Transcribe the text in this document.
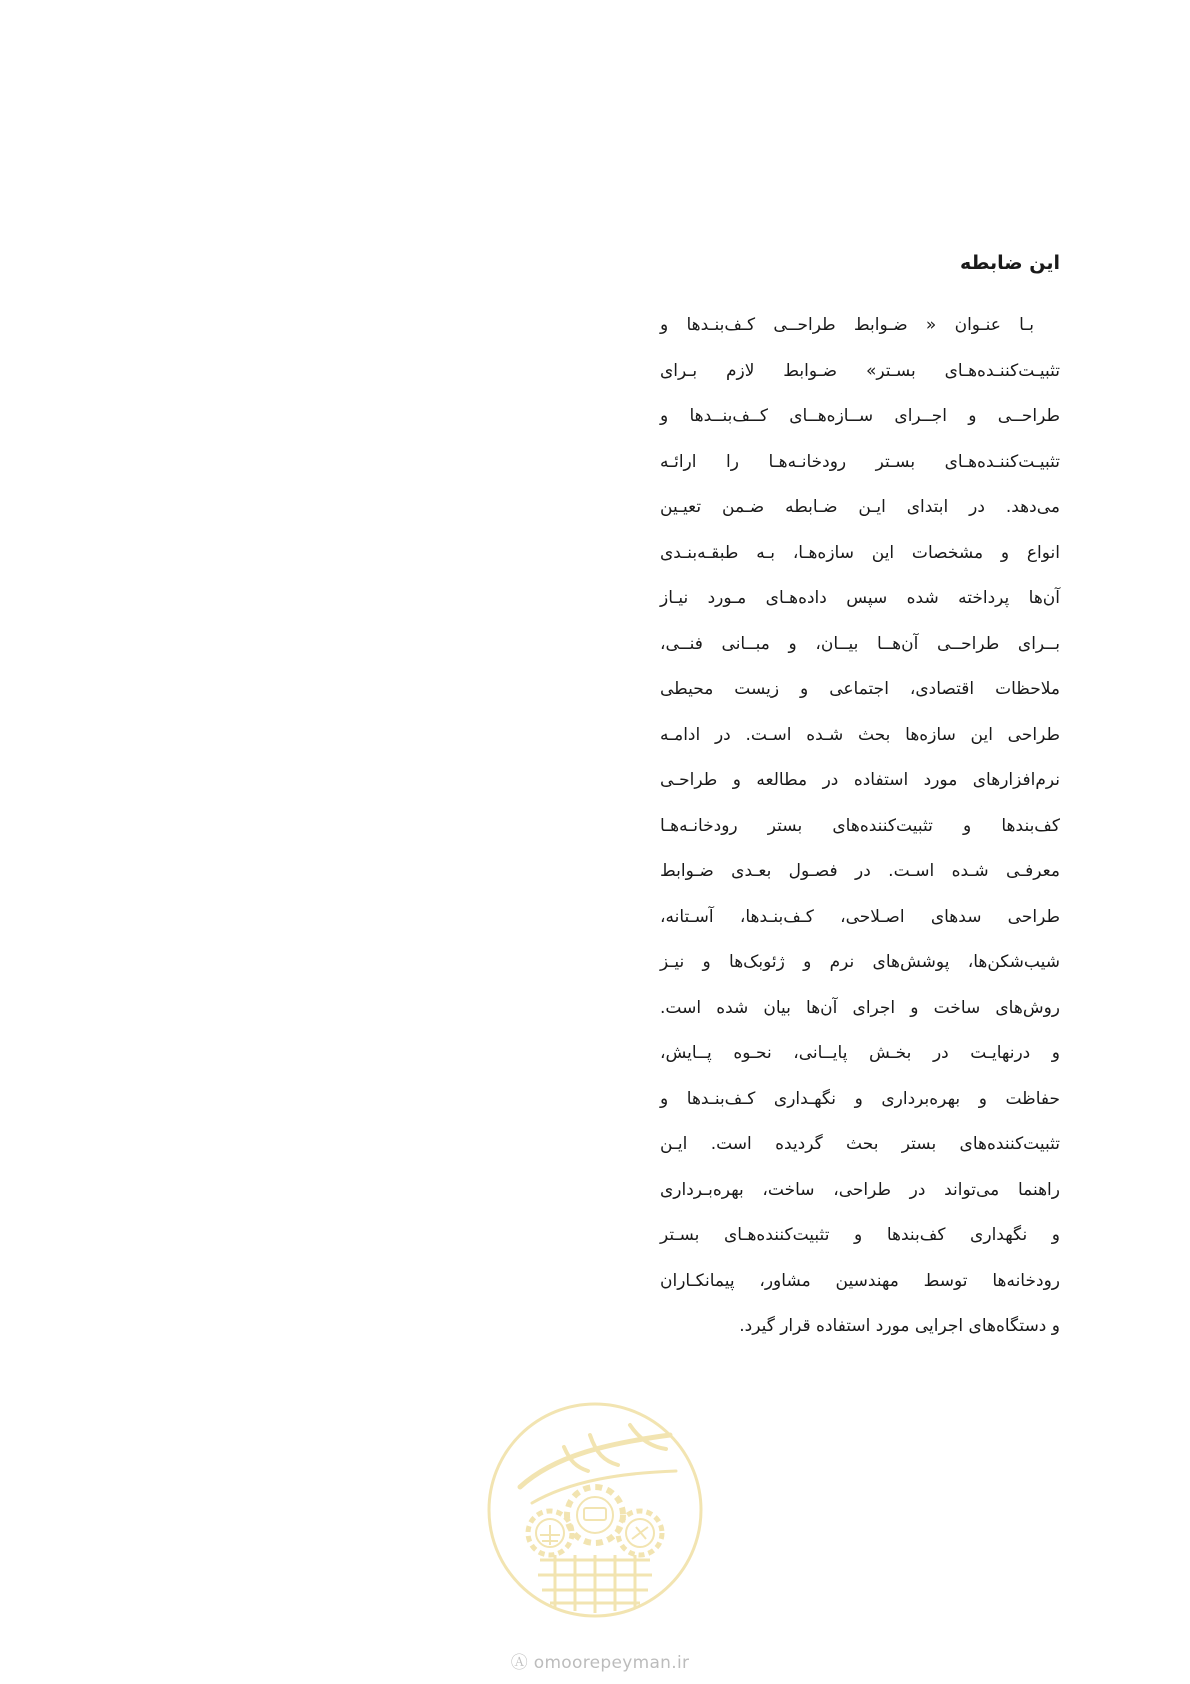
این ضابطه
بـا عنـوان « ضـوابط طراحــی کـف‌بنـدها و
تثبیـت‌کننـده‌هـای بسـتر» ضـوابط لازم بـرای
طراحــی و اجــرای ســازه‌هــای کــف‌بنــدها و
تثبیـت‌کننـده‌هـای بسـتر رودخانـه‌هـا را ارائـه
می‌دهد. در ابتدای ایـن ضـابطه ضـمن تعیـین
انواع و مشخصات این سازه‌هـا، بـه طبقـه‌بنـدی
آن‌ها پرداخته شده سپس داده‌هـای مـورد نیـاز
بــرای طراحــی آن‌هــا بیــان، و مبــانی فنــی،
ملاحظات اقتصادی، اجتماعی و زیست محیطی
طراحی این سازه‌ها بحث شـده اسـت. در ادامـه
نرم‌افزارهای مورد استفاده در مطالعه و طراحـی
کف‌بندها و تثبیت‌کننده‌های بستر رودخانـه‌هـا
معرفـی شـده اسـت. در فصـول بعـدی ضـوابط
طراحی سدهای اصـلاحی، کـف‌بنـدها، آسـتانه،
شیب‌شکن‌ها، پوشش‌های نرم و ژئوبک‌ها و نیـز
روش‌های ساخت و اجرای آن‌ها بیان شده است.
و درنهایـت در بخـش پایــانی، نحـوه پــایش،
حفاظت و بهره‌برداری و نگهـداری کـف‌بنـدها و
تثبیت‌کننده‌های بستر بحث گردیده است. ایـن
راهنما می‌تواند در طراحی، ساخت، بهره‌بـرداری
و نگهداری کف‌بندها و تثبیت‌کننده‌هـای بسـتر
رودخانه‌ها توسط مهندسین مشاور، پیمانکـاران
و دستگاه‌های اجرایی مورد استفاده قرار گیرد.
Ⓐ omoorepeyman.ir
